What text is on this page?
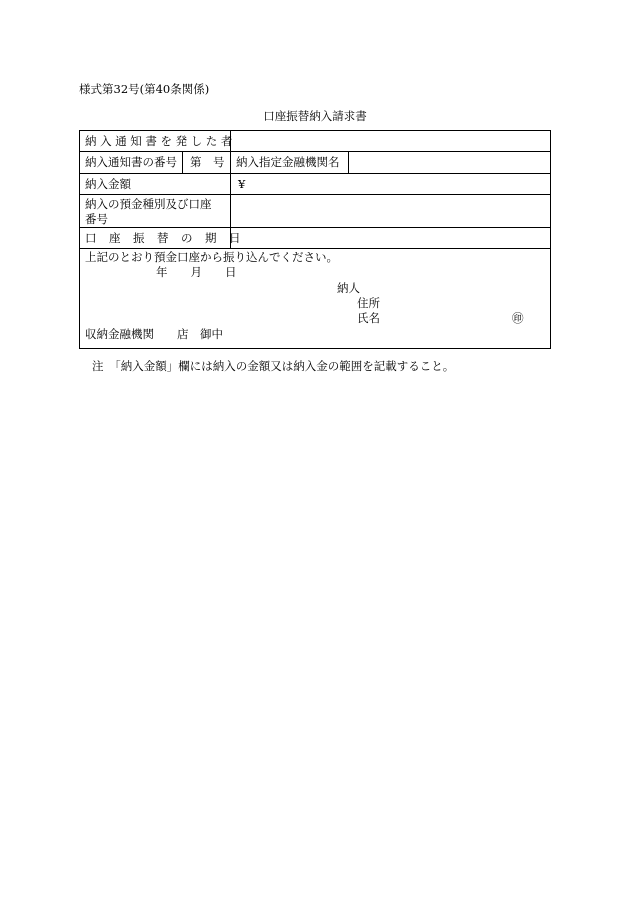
様式第32号(第40条関係)
口座振替納入請求書
納入通知書を発した者
納入通知書の番号 第　号 納入指定金融機関名
納入金額	¥
納入の預金種別及び口座
番号
口座振替の期日
上記のとおり預金口座から振り込んでください。
年　　月　　日
納人
住所
氏名	㊞
収納金融機関　　店　御中
注　「納入金額」欄には納入の金額又は納入金の範囲を記載すること。
